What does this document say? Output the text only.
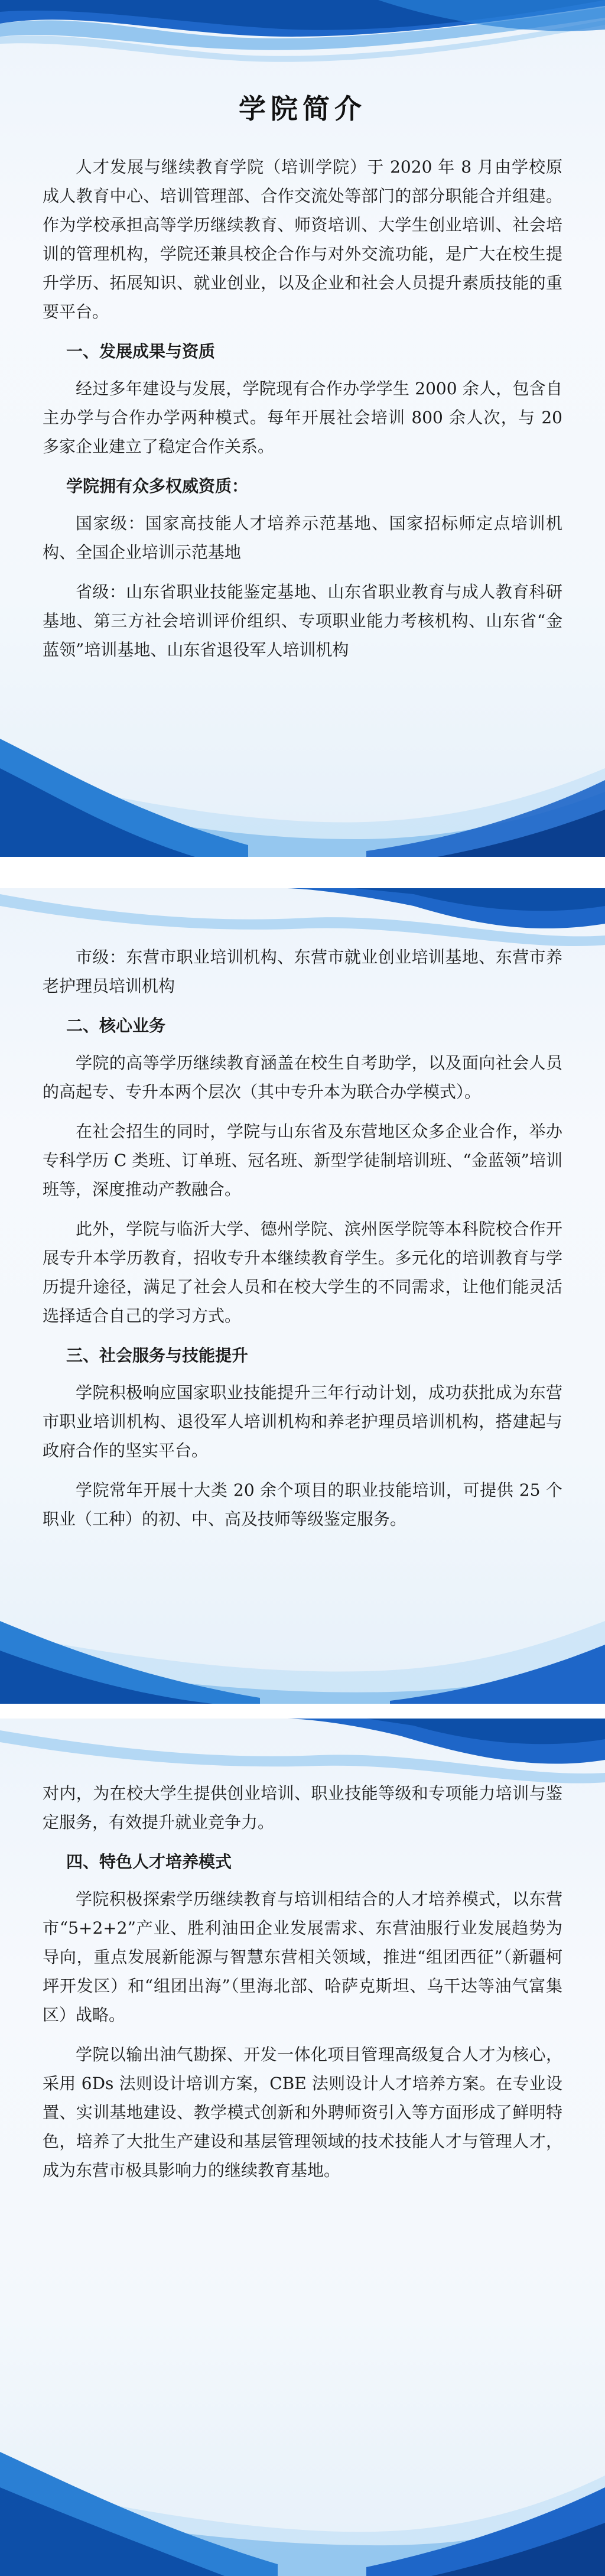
学院简介

人才发展与继续教育学院（培训学院）于 2020 年 8 月由学校原成人教育中心、培训管理部、合作交流处等部门的部分职能合并组建。作为学校承担高等学历继续教育、师资培训、大学生创业培训、社会培训的管理机构，学院还兼具校企合作与对外交流功能，是广大在校生提升学历、拓展知识、就业创业，以及企业和社会人员提升素质技能的重要平台。

一、发展成果与资质

经过多年建设与发展，学院现有合作办学学生 2000 余人，包含自主办学与合作办学两种模式。每年开展社会培训 800 余人次，与 20 多家企业建立了稳定合作关系。

学院拥有众多权威资质：

国家级：国家高技能人才培养示范基地、国家招标师定点培训机构、全国企业培训示范基地

省级：山东省职业技能鉴定基地、山东省职业教育与成人教育科研基地、第三方社会培训评价组织、专项职业能力考核机构、山东省“金蓝领”培训基地、山东省退役军人培训机构

市级：东营市职业培训机构、东营市就业创业培训基地、东营市养老护理员培训机构

二、核心业务

学院的高等学历继续教育涵盖在校生自考助学，以及面向社会人员的高起专、专升本两个层次（其中专升本为联合办学模式）。

在社会招生的同时，学院与山东省及东营地区众多企业合作，举办专科学历 C 类班、订单班、冠名班、新型学徒制培训班、“金蓝领”培训班等，深度推动产教融合。

此外，学院与临沂大学、德州学院、滨州医学院等本科院校合作开展专升本学历教育，招收专升本继续教育学生。多元化的培训教育与学历提升途径，满足了社会人员和在校大学生的不同需求，让他们能灵活选择适合自己的学习方式。

三、社会服务与技能提升

学院积极响应国家职业技能提升三年行动计划，成功获批成为东营市职业培训机构、退役军人培训机构和养老护理员培训机构，搭建起与政府合作的坚实平台。

学院常年开展十大类 20 余个项目的职业技能培训，可提供 25 个职业（工种）的初、中、高及技师等级鉴定服务。

对内，为在校大学生提供创业培训、职业技能等级和专项能力培训与鉴定服务，有效提升就业竞争力。

四、特色人才培养模式

学院积极探索学历继续教育与培训相结合的人才培养模式，以东营市“5+2+2”产业、胜利油田企业发展需求、东营油服行业发展趋势为导向，重点发展新能源与智慧东营相关领域，推进“组团西征”（新疆柯坪开发区）和“组团出海”（里海北部、哈萨克斯坦、乌干达等油气富集区）战略。

学院以输出油气勘探、开发一体化项目管理高级复合人才为核心，采用 6Ds 法则设计培训方案，CBE 法则设计人才培养方案。在专业设置、实训基地建设、教学模式创新和外聘师资引入等方面形成了鲜明特色，培养了大批生产建设和基层管理领域的技术技能人才与管理人才，成为东营市极具影响力的继续教育基地。
